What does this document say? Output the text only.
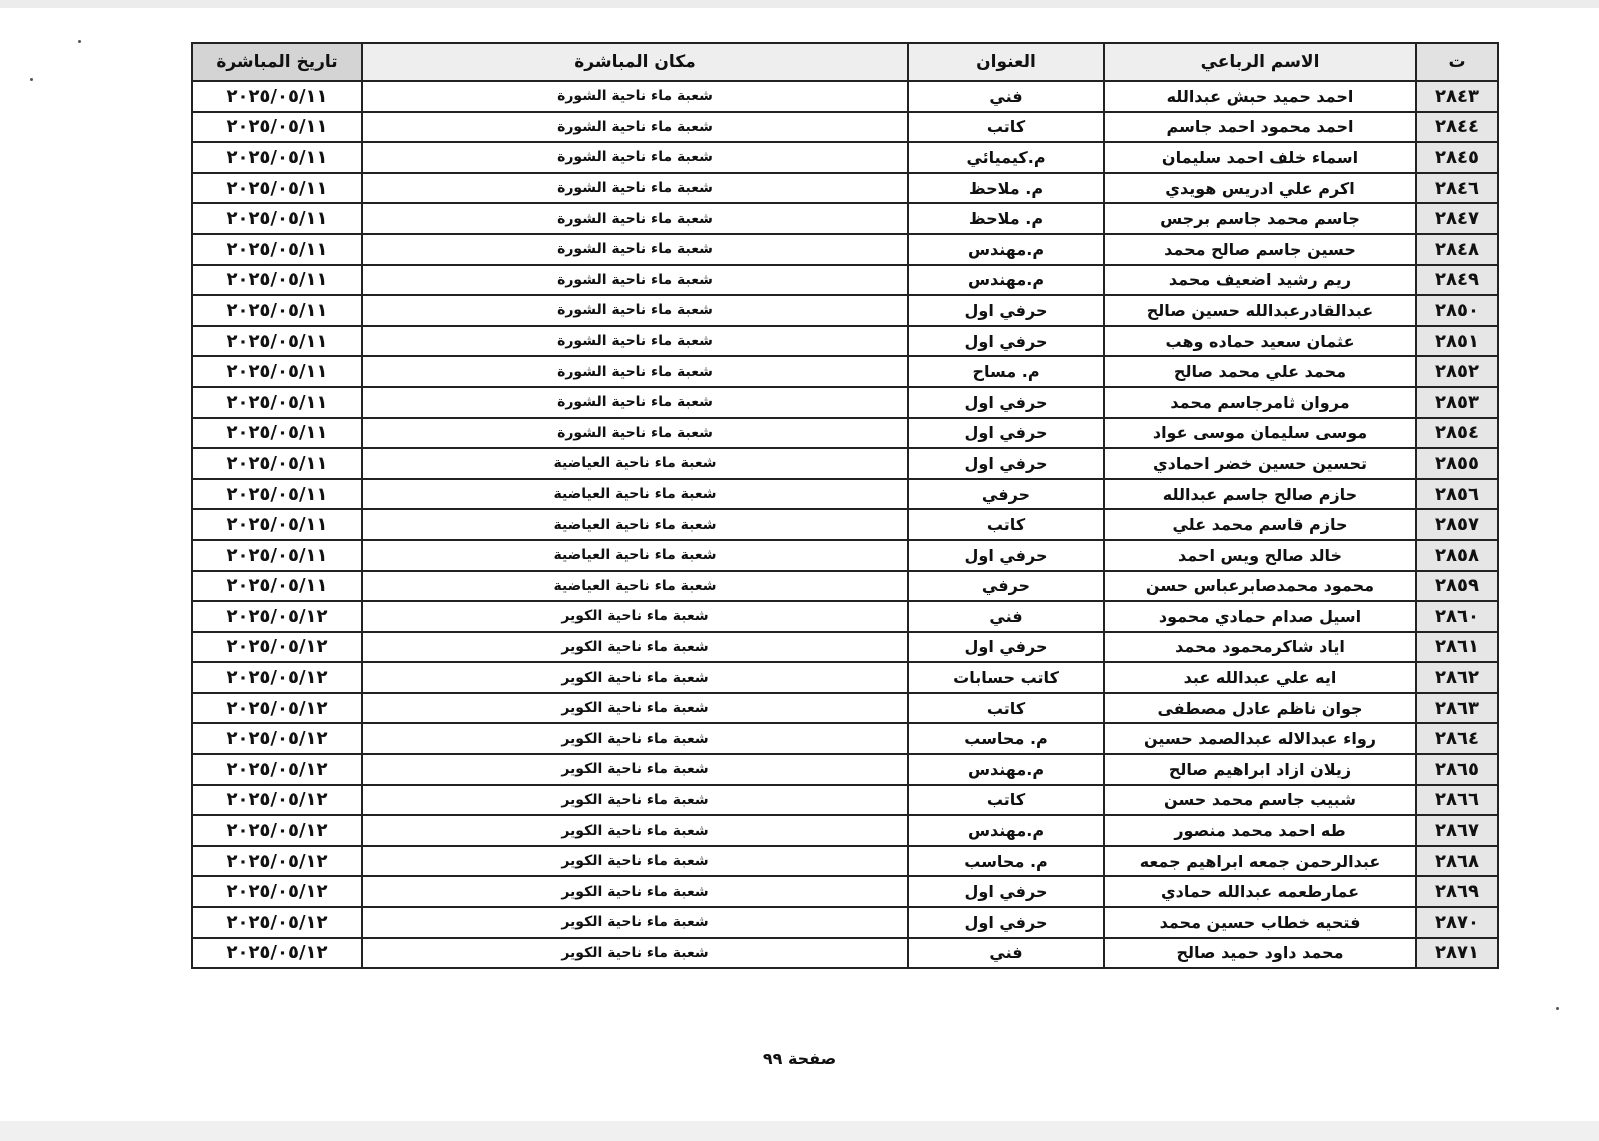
ت	الاسم الرباعي	العنوان	مكان المباشرة	تاريخ المباشرة
٢٨٤٣	احمد حميد حبش عبدالله	فني	شعبة ماء ناحية الشورة	٢٠٢٥/٠٥/١١
٢٨٤٤	احمد محمود احمد جاسم	كاتب	شعبة ماء ناحية الشورة	٢٠٢٥/٠٥/١١
٢٨٤٥	اسماء خلف احمد سليمان	م.كيميائي	شعبة ماء ناحية الشورة	٢٠٢٥/٠٥/١١
٢٨٤٦	اكرم علي ادريس هويدي	م. ملاحظ	شعبة ماء ناحية الشورة	٢٠٢٥/٠٥/١١
٢٨٤٧	جاسم محمد جاسم برجس	م. ملاحظ	شعبة ماء ناحية الشورة	٢٠٢٥/٠٥/١١
٢٨٤٨	حسين جاسم صالح محمد	م.مهندس	شعبة ماء ناحية الشورة	٢٠٢٥/٠٥/١١
٢٨٤٩	ريم رشيد اضعيف محمد	م.مهندس	شعبة ماء ناحية الشورة	٢٠٢٥/٠٥/١١
٢٨٥٠	عبدالقادرعبدالله حسين صالح	حرفي اول	شعبة ماء ناحية الشورة	٢٠٢٥/٠٥/١١
٢٨٥١	عثمان سعيد حماده وهب	حرفي اول	شعبة ماء ناحية الشورة	٢٠٢٥/٠٥/١١
٢٨٥٢	محمد علي محمد صالح	م. مساح	شعبة ماء ناحية الشورة	٢٠٢٥/٠٥/١١
٢٨٥٣	مروان ثامرجاسم محمد	حرفي اول	شعبة ماء ناحية الشورة	٢٠٢٥/٠٥/١١
٢٨٥٤	موسى سليمان موسى عواد	حرفي اول	شعبة ماء ناحية الشورة	٢٠٢٥/٠٥/١١
٢٨٥٥	تحسين حسين خضر احمادي	حرفي اول	شعبة ماء ناحية العياضية	٢٠٢٥/٠٥/١١
٢٨٥٦	حازم صالح جاسم عبدالله	حرفي	شعبة ماء ناحية العياضية	٢٠٢٥/٠٥/١١
٢٨٥٧	حازم قاسم محمد علي	كاتب	شعبة ماء ناحية العياضية	٢٠٢٥/٠٥/١١
٢٨٥٨	خالد صالح ويس احمد	حرفي اول	شعبة ماء ناحية العياضية	٢٠٢٥/٠٥/١١
٢٨٥٩	محمود محمدصابرعباس حسن	حرفي	شعبة ماء ناحية العياضية	٢٠٢٥/٠٥/١١
٢٨٦٠	اسيل صدام حمادي محمود	فني	شعبة ماء ناحية الكوير	٢٠٢٥/٠٥/١٢
٢٨٦١	اياد شاكرمحمود محمد	حرفي اول	شعبة ماء ناحية الكوير	٢٠٢٥/٠٥/١٢
٢٨٦٢	ايه علي عبدالله عبد	كاتب حسابات	شعبة ماء ناحية الكوير	٢٠٢٥/٠٥/١٢
٢٨٦٣	جوان ناظم عادل مصطفى	كاتب	شعبة ماء ناحية الكوير	٢٠٢٥/٠٥/١٢
٢٨٦٤	رواء عبدالاله عبدالصمد حسين	م. محاسب	شعبة ماء ناحية الكوير	٢٠٢٥/٠٥/١٢
٢٨٦٥	زيلان ازاد ابراهيم صالح	م.مهندس	شعبة ماء ناحية الكوير	٢٠٢٥/٠٥/١٢
٢٨٦٦	شبيب جاسم محمد حسن	كاتب	شعبة ماء ناحية الكوير	٢٠٢٥/٠٥/١٢
٢٨٦٧	طه احمد محمد منصور	م.مهندس	شعبة ماء ناحية الكوير	٢٠٢٥/٠٥/١٢
٢٨٦٨	عبدالرحمن جمعه ابراهيم جمعه	م. محاسب	شعبة ماء ناحية الكوير	٢٠٢٥/٠٥/١٢
٢٨٦٩	عمارطعمه عبدالله حمادي	حرفي اول	شعبة ماء ناحية الكوير	٢٠٢٥/٠٥/١٢
٢٨٧٠	فتحيه خطاب حسين محمد	حرفي اول	شعبة ماء ناحية الكوير	٢٠٢٥/٠٥/١٢
٢٨٧١	محمد داود حميد صالح	فني	شعبة ماء ناحية الكوير	٢٠٢٥/٠٥/١٢
صفحة ٩٩
